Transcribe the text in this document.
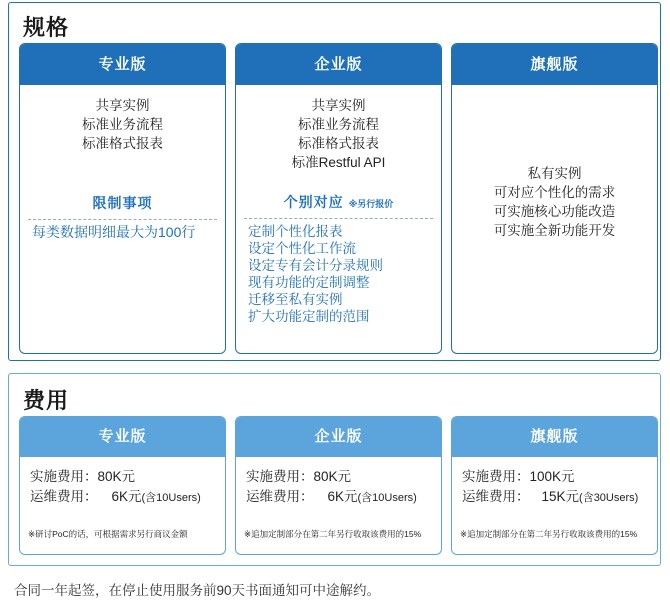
规格
专业版
共享实例
标准业务流程
标准格式报表
限制事项
每类数据明细最大为100行
企业版
共享实例
标准业务流程
标准格式报表
标准Restful API
个别对应 ※另行报价
定制个性化报表
设定个性化工作流
设定专有会计分录规则
现有功能的定制调整
迁移至私有实例
扩大功能定制的范围
旗舰版
私有实例
可对应个性化的需求
可实施核心功能改造
可实施全新功能开发
费用
专业版
实施费用：80K元
运维费用： 6K元(含10Users)
※研讨PoC的话，可根据需求另行商议金额
企业版
实施费用：80K元
运维费用： 6K元(含10Users)
※追加定制部分在第二年另行收取该费用的15%
旗舰版
实施费用：100K元
运维费用： 15K元(含30Users)
※追加定制部分在第二年另行收取该费用的15%
合同一年起签，在停止使用服务前90天书面通知可中途解约。
